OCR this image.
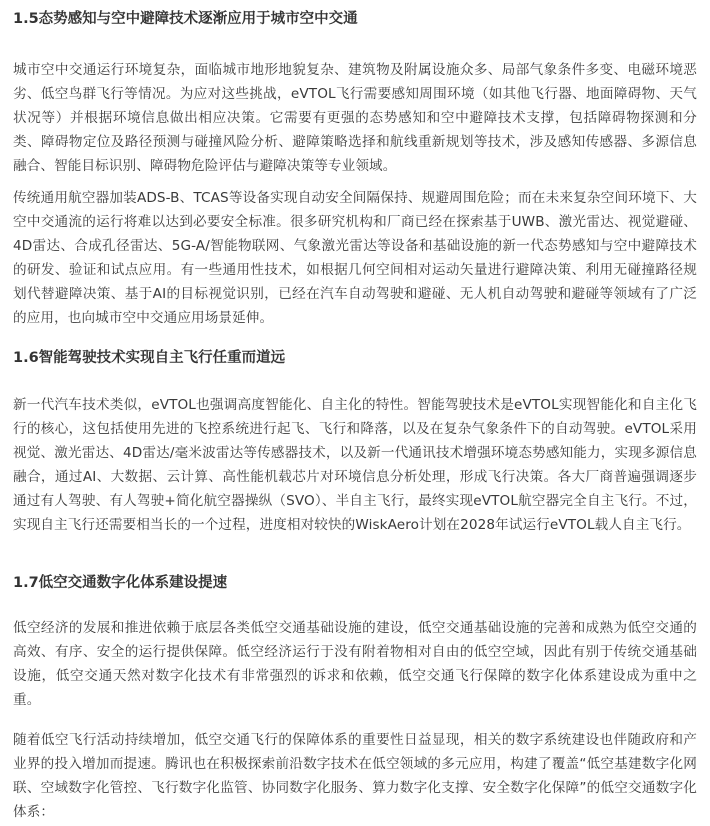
1.5态势感知与空中避障技术逐渐应用于城市空中交通

城市空中交通运行环境复杂，面临城市地形地貌复杂、建筑物及附属设施众多、局部气象条件多变、电磁环境恶劣、低空鸟群飞行等情况。为应对这些挑战，eVTOL飞行需要感知周围环境（如其他飞行器、地面障碍物、天气状况等）并根据环境信息做出相应决策。它需要有更强的态势感知和空中避障技术支撑，包括障碍物探测和分类、障碍物定位及路径预测与碰撞风险分析、避障策略选择和航线重新规划等技术，涉及感知传感器、多源信息融合、智能目标识别、障碍物危险评估与避障决策等专业领域。

传统通用航空器加装ADS-B、TCAS等设备实现自动安全间隔保持、规避周围危险；而在未来复杂空间环境下、大空中交通流的运行将难以达到必要安全标准。很多研究机构和厂商已经在探索基于UWB、激光雷达、视觉避碰、4D雷达、合成孔径雷达、5G-A/智能物联网、气象激光雷达等设备和基础设施的新一代态势感知与空中避障技术的研发、验证和试点应用。有一些通用性技术，如根据几何空间相对运动矢量进行避障决策、利用无碰撞路径规划代替避障决策、基于AI的目标视觉识别，已经在汽车自动驾驶和避碰、无人机自动驾驶和避碰等领域有了广泛的应用，也向城市空中交通应用场景延伸。

1.6智能驾驶技术实现自主飞行任重而道远

新一代汽车技术类似，eVTOL也强调高度智能化、自主化的特性。智能驾驶技术是eVTOL实现智能化和自主化飞行的核心，这包括使用先进的飞控系统进行起飞、飞行和降落，以及在复杂气象条件下的自动驾驶。eVTOL采用视觉、激光雷达、4D雷达/毫米波雷达等传感器技术，以及新一代通讯技术增强环境态势感知能力，实现多源信息融合，通过AI、大数据、云计算、高性能机载芯片对环境信息分析处理，形成飞行决策。各大厂商普遍强调逐步通过有人驾驶、有人驾驶+简化航空器操纵（SVO）、半自主飞行，最终实现eVTOL航空器完全自主飞行。不过，实现自主飞行还需要相当长的一个过程，进度相对较快的WiskAero计划在2028年试运行eVTOL载人自主飞行。

1.7低空交通数字化体系建设提速

低空经济的发展和推进依赖于底层各类低空交通基础设施的建设，低空交通基础设施的完善和成熟为低空交通的高效、有序、安全的运行提供保障。低空经济运行于没有附着物相对自由的低空空域，因此有别于传统交通基础设施，低空交通天然对数字化技术有非常强烈的诉求和依赖，低空交通飞行保障的数字化体系建设成为重中之重。

随着低空飞行活动持续增加，低空交通飞行的保障体系的重要性日益显现，相关的数字系统建设也伴随政府和产业界的投入增加而提速。腾讯也在积极探索前沿数字技术在低空领域的多元应用，构建了覆盖“低空基建数字化网联、空域数字化管控、飞行数字化监管、协同数字化服务、算力数字化支撑、安全数字化保障”的低空交通数字化体系：
